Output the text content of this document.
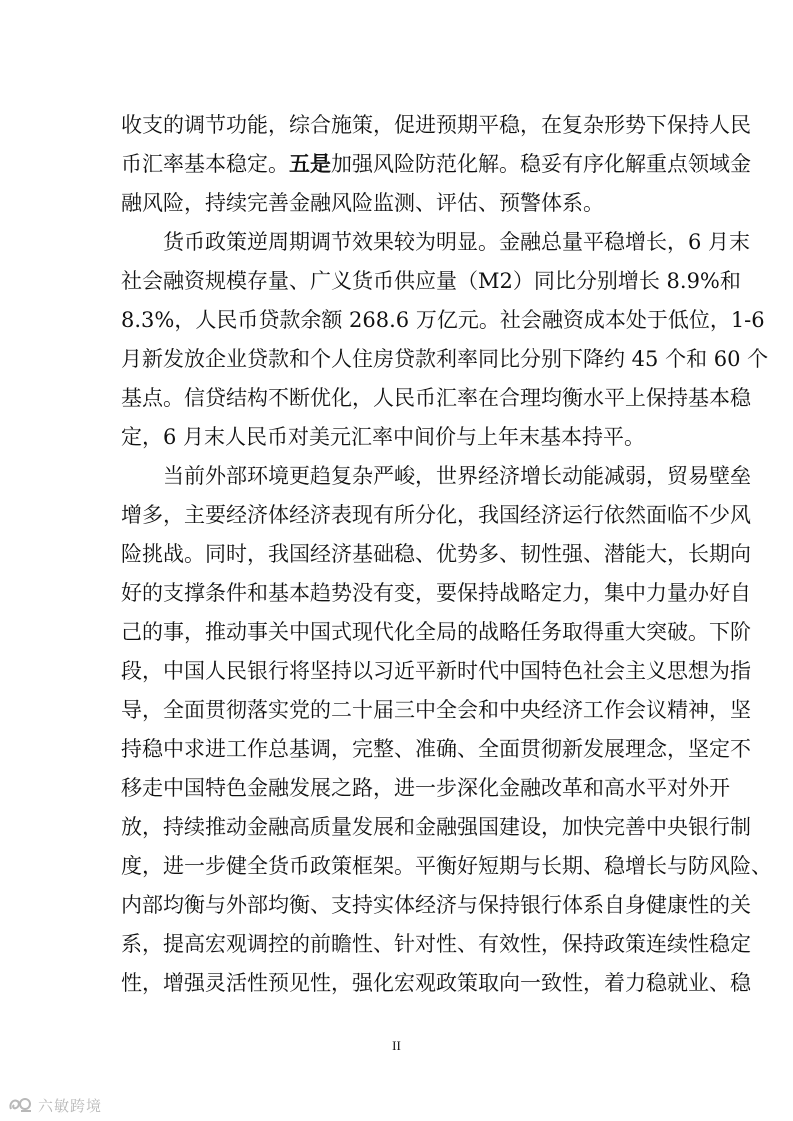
收支的调节功能，综合施策，促进预期平稳，在复杂形势下保持人民
币汇率基本稳定。 五是 加强风险防范化解。稳妥有序化解重点领域金
融风险，持续完善金融风险监测、评估、预警体系。
货币政策逆周期调节效果较为明显。金融总量平稳增长，6 月末
社会融资规模存量、广义货币供应量（M2）同比分别增长 8.9%和
8.3%，人民币贷款余额 268.6 万亿元。社会融资成本处于低位，1-6
月新发放企业贷款和个人住房贷款利率同比分别下降约 45 个和 60 个
基点。信贷结构不断优化，人民币汇率在合理均衡水平上保持基本稳
定，6 月末人民币对美元汇率中间价与上年末基本持平。
当前外部环境更趋复杂严峻，世界经济增长动能减弱，贸易壁垒
增多，主要经济体经济表现有所分化，我国经济运行依然面临不少风
险挑战。同时，我国经济基础稳、优势多、韧性强、潜能大，长期向
好的支撑条件和基本趋势没有变，要保持战略定力，集中力量办好自
己的事，推动事关中国式现代化全局的战略任务取得重大突破。下阶
段，中国人民银行将坚持以习近平新时代中国特色社会主义思想为指
导，全面贯彻落实党的二十届三中全会和中央经济工作会议精神，坚
持稳中求进工作总基调，完整、准确、全面贯彻新发展理念，坚定不
移走中国特色金融发展之路，进一步深化金融改革和高水平对外开
放，持续推动金融高质量发展和金融强国建设，加快完善中央银行制
度，进一步健全货币政策框架。平衡好短期与长期、稳增长与防风险、
内部均衡与外部均衡、支持实体经济与保持银行体系自身健康性的关
系，提高宏观调控的前瞻性、针对性、有效性，保持政策连续性稳定
性，增强灵活性预见性，强化宏观政策取向一致性，着力稳就业、稳
II
六敏跨境
